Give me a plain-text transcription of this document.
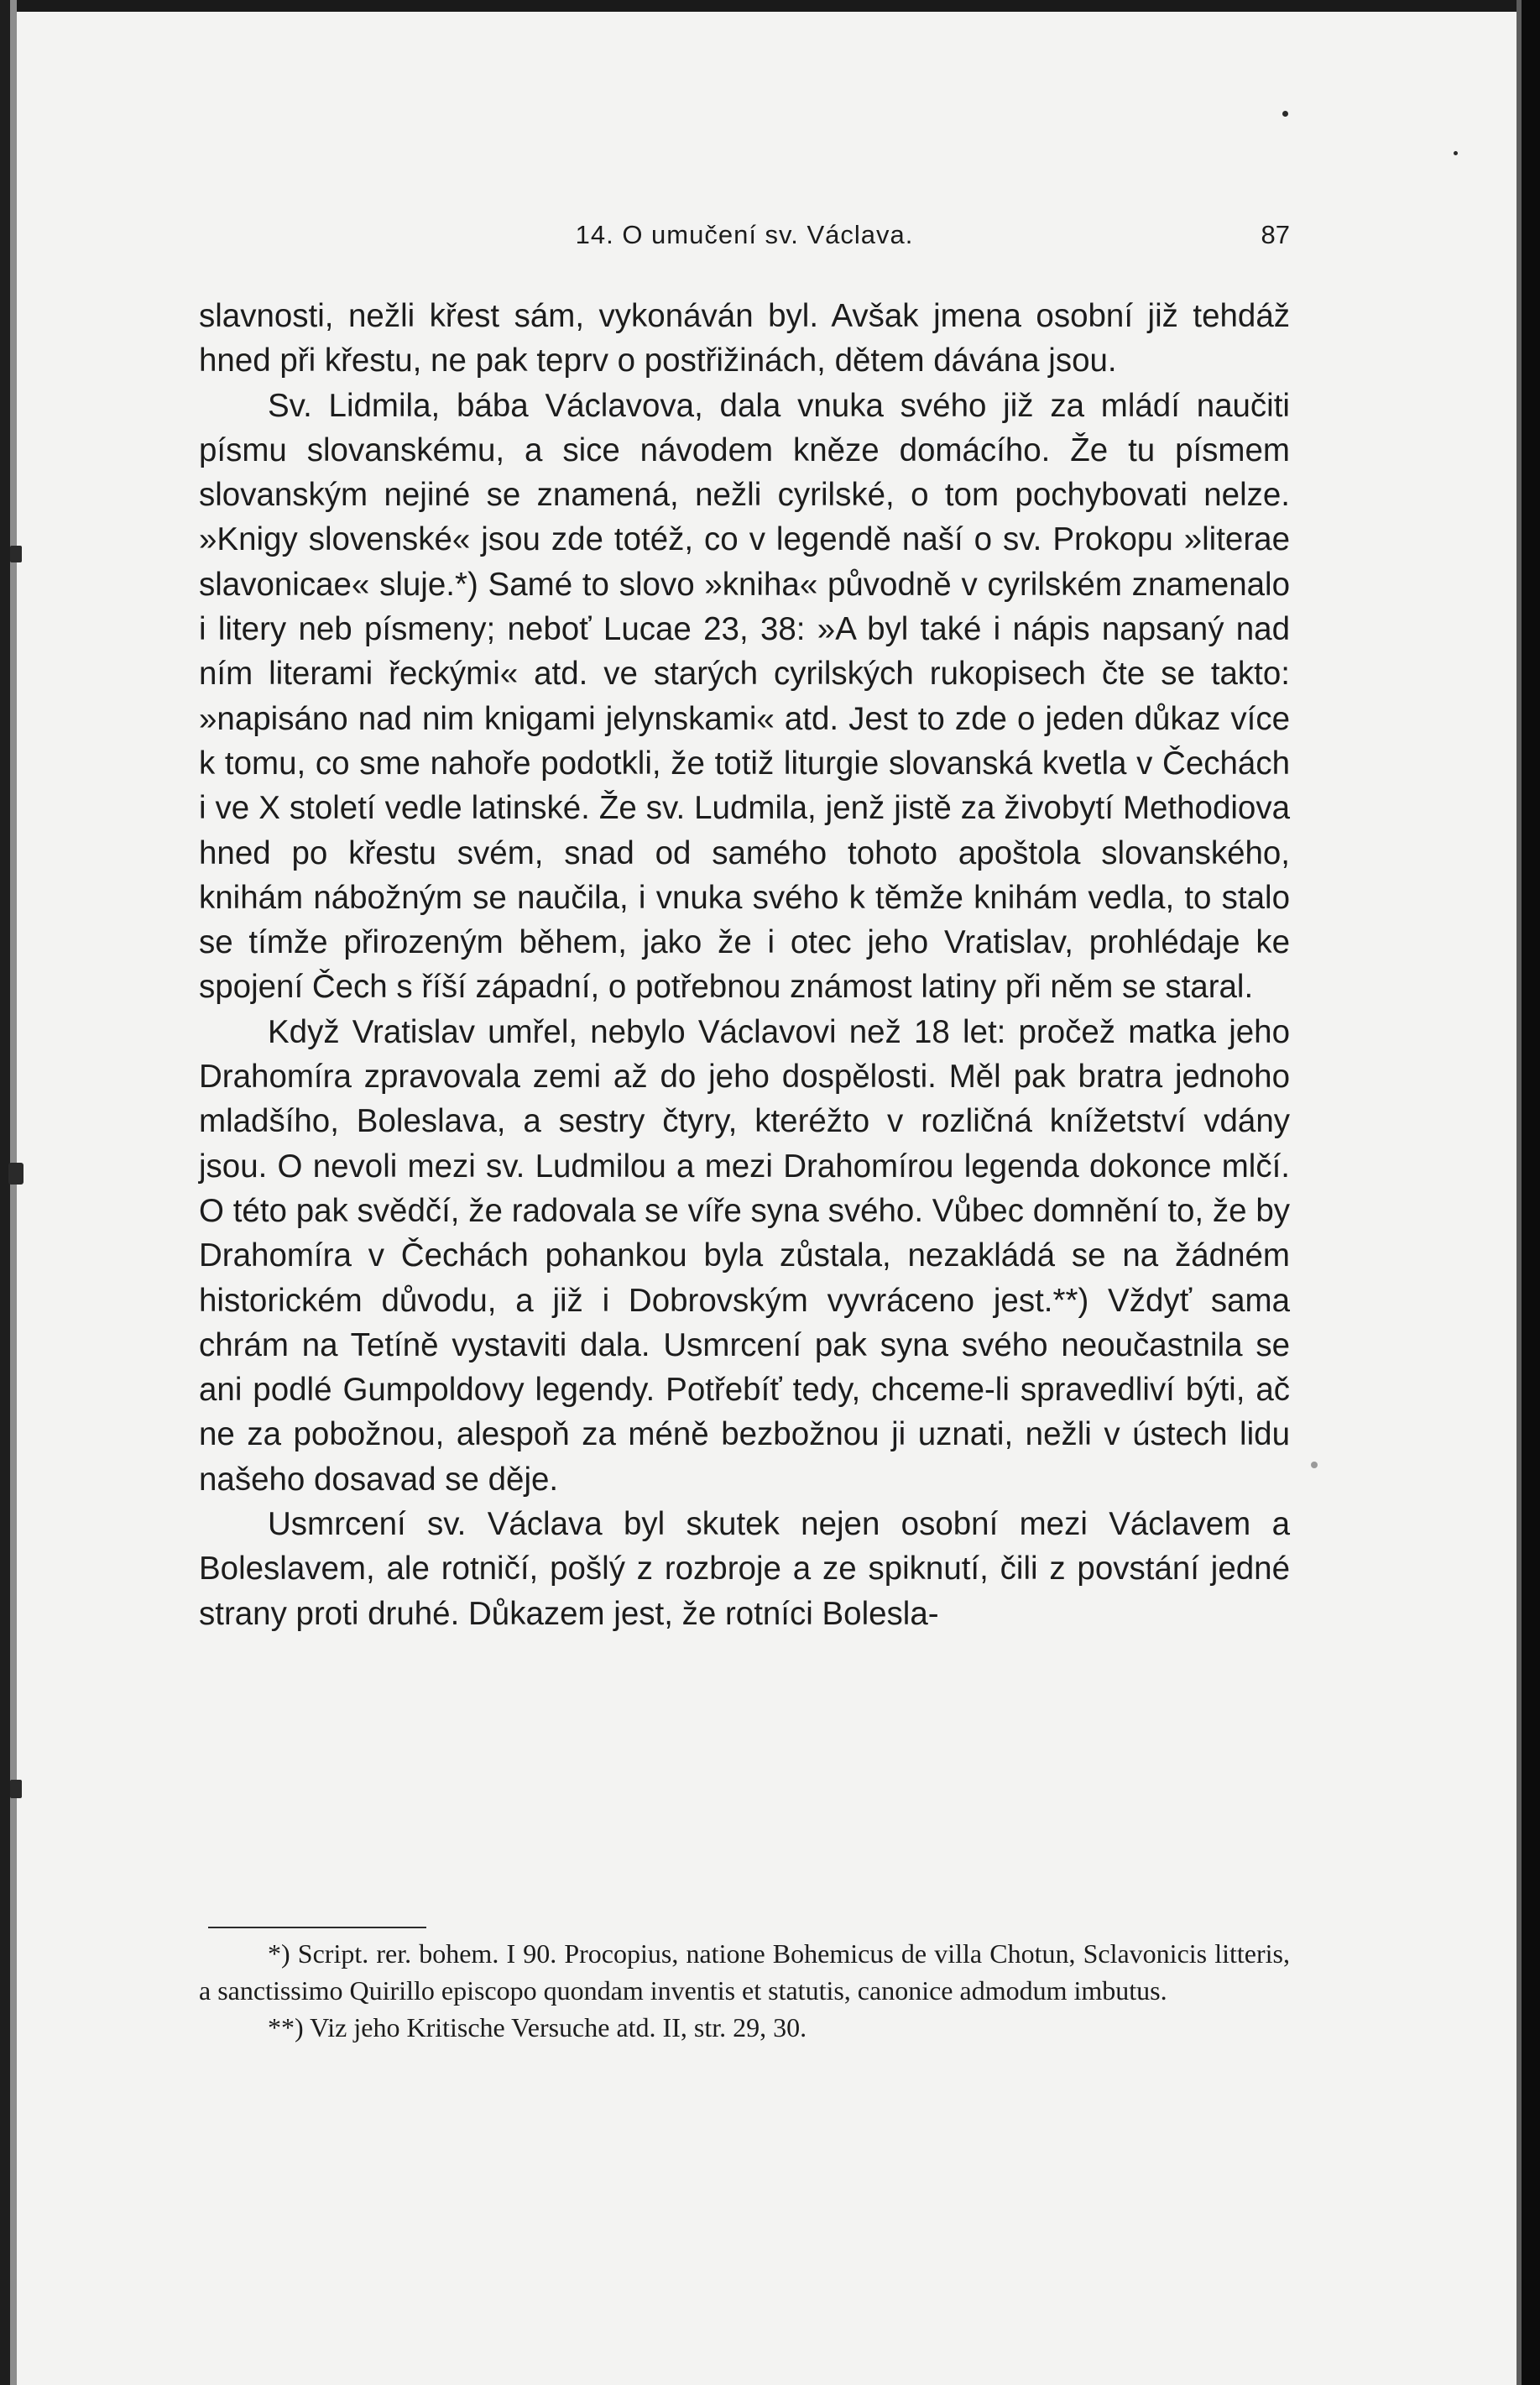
14. O umučení sv. Václava.	87

slavnosti, nežli křest sám, vykonáván byl. Avšak jmena osobní již tehdáž hned při křestu, ne pak teprv o postřižinách, dětem dávána jsou.

Sv. Lidmila, bába Václavova, dala vnuka svého již za mládí naučiti písmu slovanskému, a sice návodem kněze domácího. Že tu písmem slovanským nejiné se znamená, nežli cyrilské, o tom pochybovati nelze. »Knigy slovenské« jsou zde totéž, co v legendě naší o sv. Prokopu »literae slavonicae« sluje.*) Samé to slovo »kniha« původně v cyrilském znamenalo i litery neb písmeny; neboť Lucae 23, 38: »A byl také i nápis napsaný nad ním literami řeckými« atd. ve starých cyrilských rukopisech čte se takto: »napisáno nad nim knigami jelynskami« atd. Jest to zde o jeden důkaz více k tomu, co sme nahoře podotkli, že totiž liturgie slovanská kvetla v Čechách i ve X století vedle latinské. Že sv. Ludmila, jenž jistě za živobytí Methodiova hned po křestu svém, snad od samého tohoto apoštola slovanského, knihám nábožným se naučila, i vnuka svého k těmže knihám vedla, to stalo se tímže přirozeným během, jako že i otec jeho Vratislav, prohlédaje ke spojení Čech s říší západní, o potřebnou známost latiny při něm se staral.

Když Vratislav umřel, nebylo Václavovi než 18 let: pročež matka jeho Drahomíra zpravovala zemi až do jeho dospělosti. Měl pak bratra jednoho mladšího, Boleslava, a sestry čtyry, kteréžto v rozličná knížetství vdány jsou. O nevoli mezi sv. Ludmilou a mezi Drahomírou legenda dokonce mlčí. O této pak svědčí, že radovala se víře syna svého. Vůbec domnění to, že by Drahomíra v Čechách pohankou byla zůstala, nezakládá se na žádném historickém důvodu, a již i Dobrovským vyvráceno jest.**) Vždyť sama chrám na Tetíně vystaviti dala. Usmrcení pak syna svého neoučastnila se ani podlé Gumpoldovy legendy. Potřebíť tedy, chceme-li spravedliví býti, ač ne za pobožnou, alespoň za méně bezbožnou ji uznati, nežli v ústech lidu našeho dosavad se děje.

Usmrcení sv. Václava byl skutek nejen osobní mezi Václavem a Boleslavem, ale rotničí, pošlý z rozbroje a ze spiknutí, čili z povstání jedné strany proti druhé. Důkazem jest, že rotníci Bolesla-

*) Script. rer. bohem. I 90. Procopius, natione Bohemicus de villa Chotun, Sclavonicis litteris, a sanctissimo Quirillo episcopo quondam inventis et statutis, canonice admodum imbutus.

**) Viz jeho Kritische Versuche atd. II, str. 29, 30.
